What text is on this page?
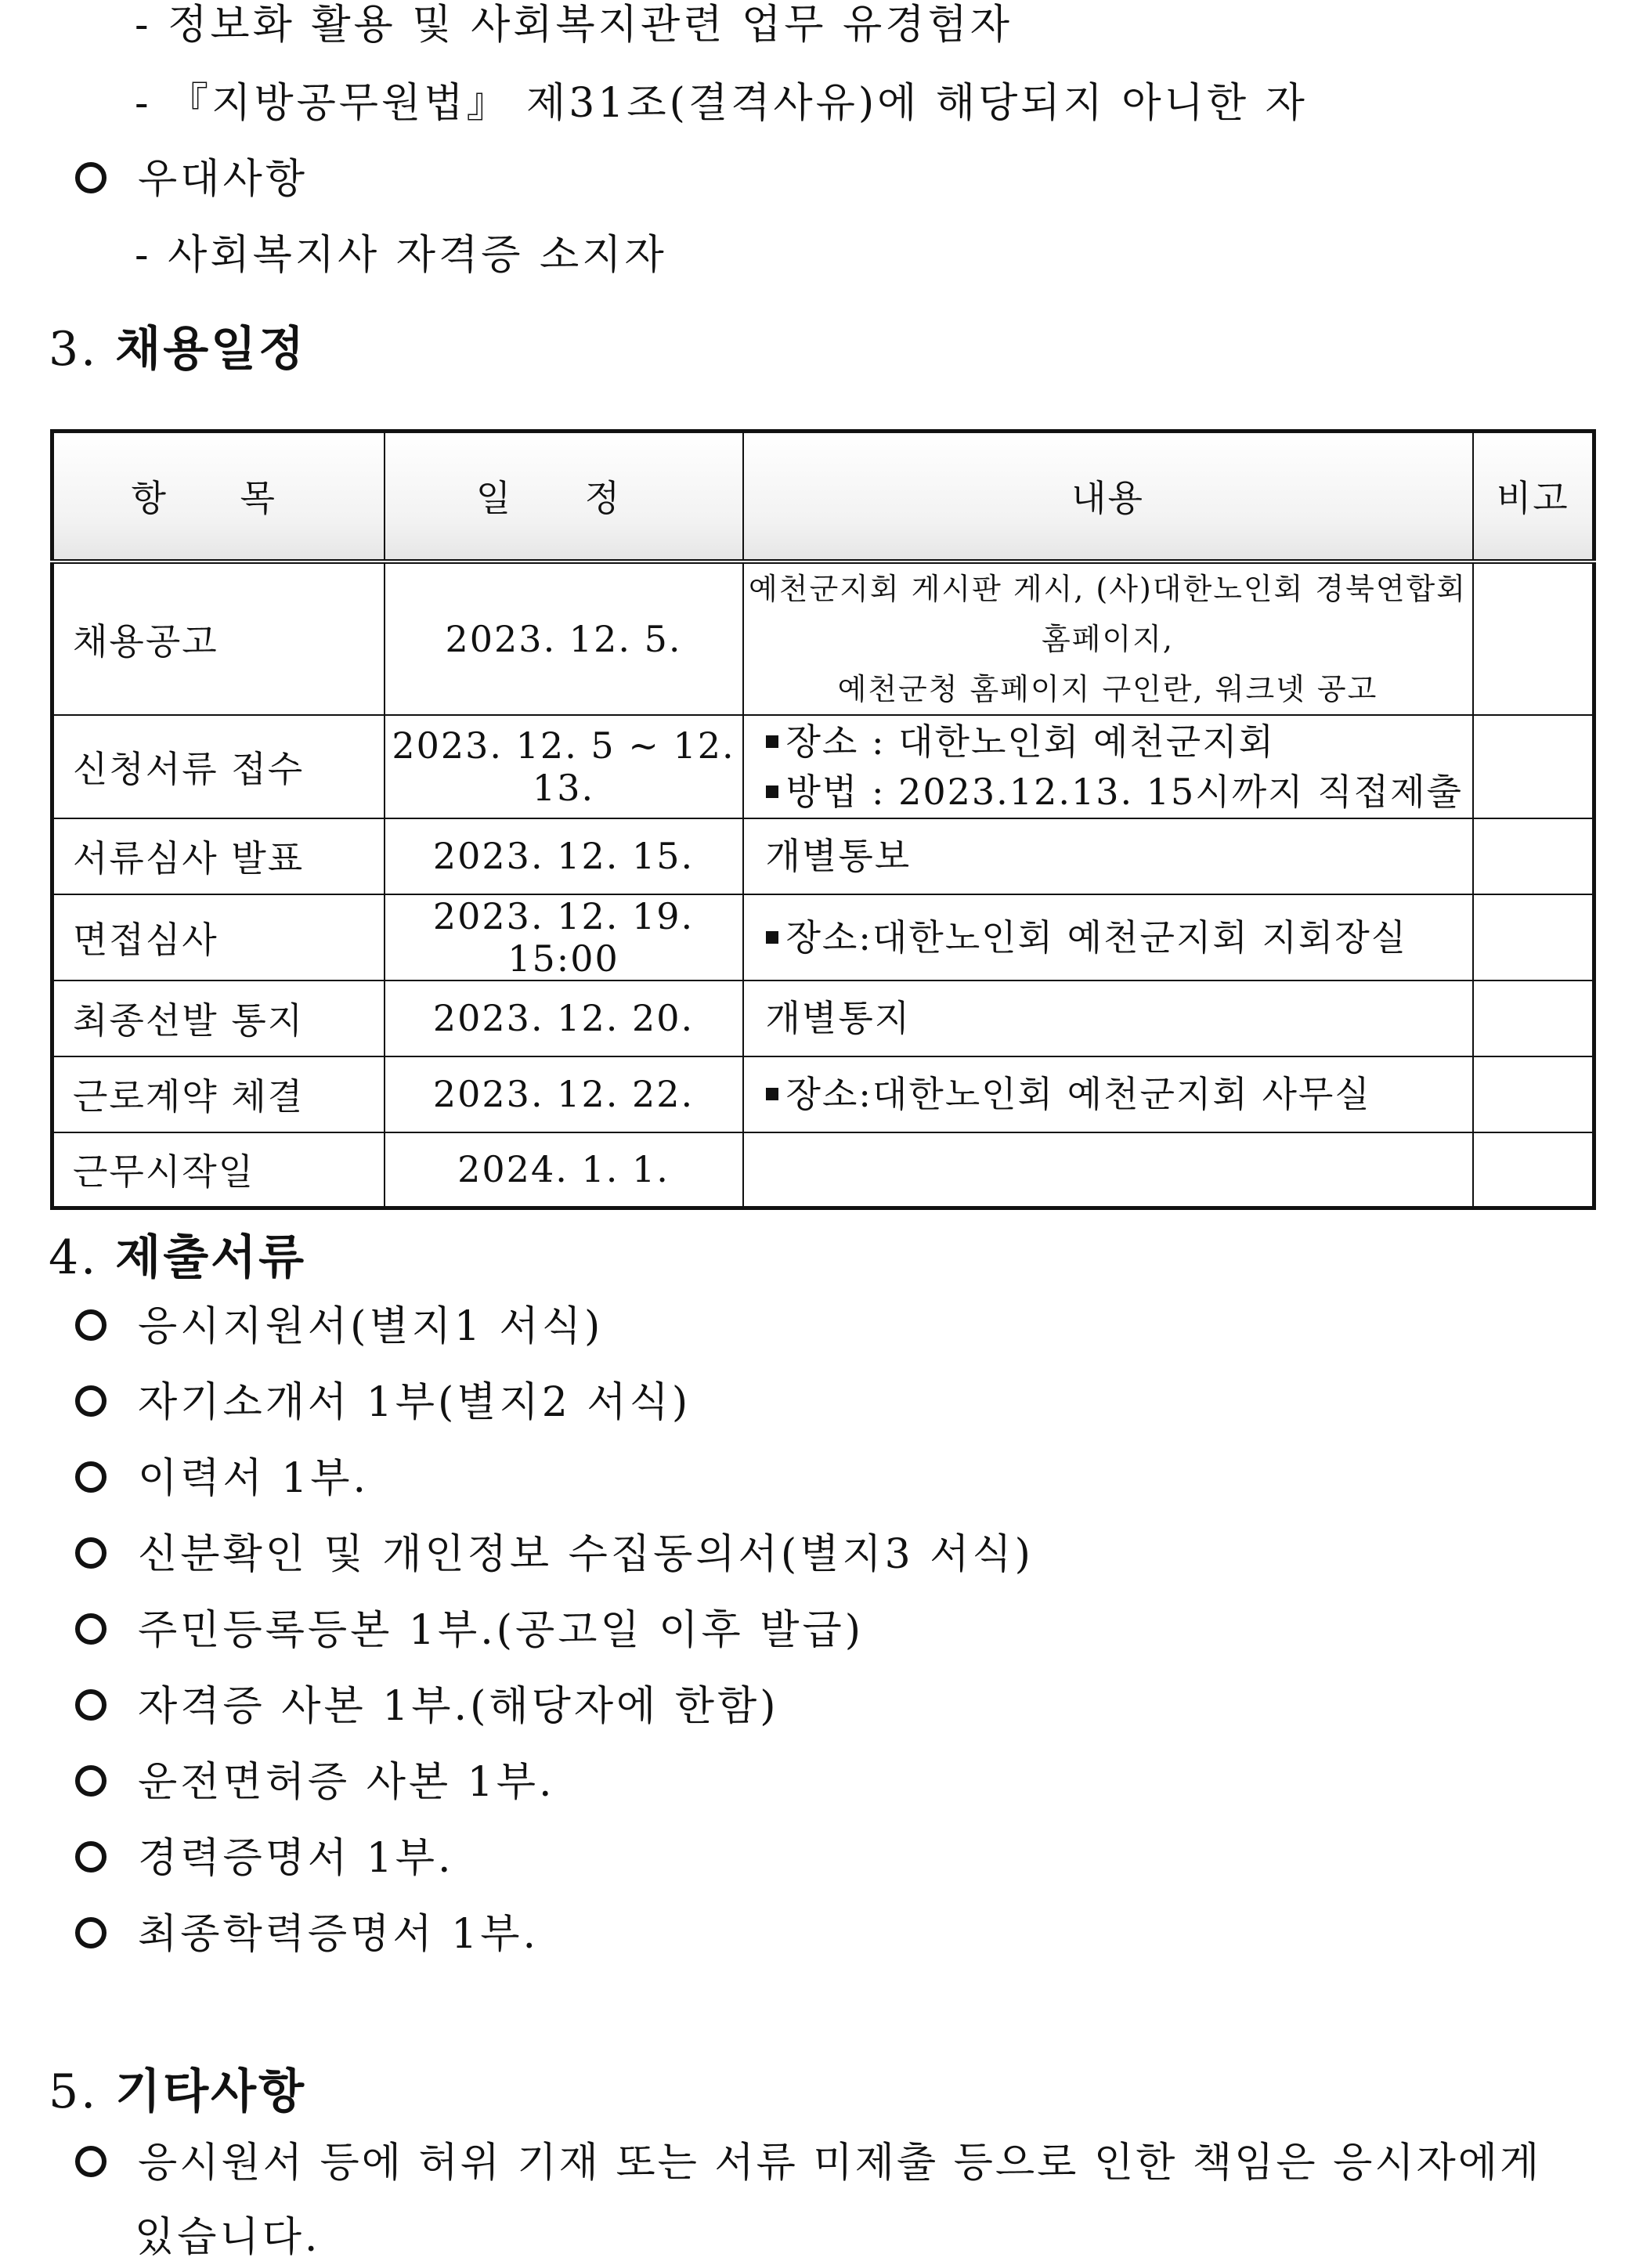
- 정보화 활용 및 사회복지관련 업무 유경험자
- 『지방공무원법』 제31조(결격사유)에 해당되지 아니한 자
우대사항
- 사회복지사 자격증 소지자
3. 채용일정
항 목	일 정	내용	비고
채용공고	2023. 12. 5.	예천군지회 게시판 게시, (사)대한노인회 경북연합회 홈페이지,
예천군청 홈페이지 구인란, 워크넷 공고	

신청서류 접수	2023. 12. 5 ~ 12. 13.	장소 : 대한노인회 예천군지회
방법 : 2023.12.13. 15시까지 직접제출	

서류심사 발표	2023. 12. 15.	개별통보	
면접심사	2023. 12. 19. 15:00	장소:대한노인회 예천군지회 지회장실	
최종선발 통지	2023. 12. 20.	개별통지	
근로계약 체결	2023. 12. 22.	장소:대한노인회 예천군지회 사무실	
근무시작일	2024. 1. 1.		
4. 제출서류
응시지원서(별지1 서식)
자기소개서 1부(별지2 서식)
이력서 1부.
신분확인 및 개인정보 수집동의서(별지3 서식)
주민등록등본 1부.(공고일 이후 발급)
자격증 사본 1부.(해당자에 한함)
운전면허증 사본 1부.
경력증명서 1부.
최종학력증명서 1부.
5. 기타사항
응시원서 등에 허위 기재 또는 서류 미제출 등으로 인한 책임은 응시자에게
있습니다.
